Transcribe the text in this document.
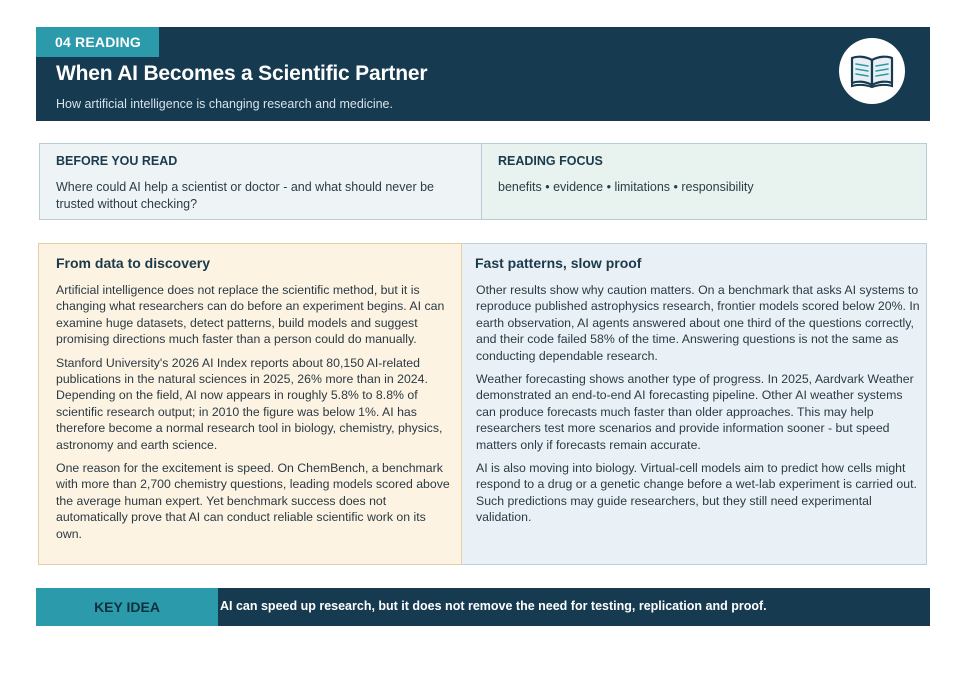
04 READING
When AI Becomes a Scientific Partner
How artificial intelligence is changing research and medicine.
BEFORE YOU READ
Where could AI help a scientist or doctor - and what should never be trusted without checking?
READING FOCUS
benefits • evidence • limitations • responsibility
From data to discovery

Artificial intelligence does not replace the scientific method, but it is changing what researchers can do before an experiment begins. AI can examine huge datasets, detect patterns, build models and suggest promising directions much faster than a person could do manually.

Stanford University's 2026 AI Index reports about 80,150 AI-related publications in the natural sciences in 2025, 26% more than in 2024. Depending on the field, AI now appears in roughly 5.8% to 8.8% of scientific research output; in 2010 the figure was below 1%. AI has therefore become a normal research tool in biology, chemistry, physics, astronomy and earth science.

One reason for the excitement is speed. On ChemBench, a benchmark with more than 2,700 chemistry questions, leading models scored above the average human expert. Yet benchmark success does not automatically prove that AI can conduct reliable scientific work on its own.

Fast patterns, slow proof

Other results show why caution matters. On a benchmark that asks AI systems to reproduce published astrophysics research, frontier models scored below 20%. In earth observation, AI agents answered about one third of the questions correctly, and their code failed 58% of the time. Answering questions is not the same as conducting dependable research.

Weather forecasting shows another type of progress. In 2025, Aardvark Weather demonstrated an end-to-end AI forecasting pipeline. Other AI weather systems can produce forecasts much faster than older approaches. This may help researchers test more scenarios and provide information sooner - but speed matters only if forecasts remain accurate.

AI is also moving into biology. Virtual-cell models aim to predict how cells might respond to a drug or a genetic change before a wet-lab experiment is carried out. Such predictions may guide researchers, but they still need experimental validation.

KEY IDEA	AI can speed up research, but it does not remove the need for testing, replication and proof.
